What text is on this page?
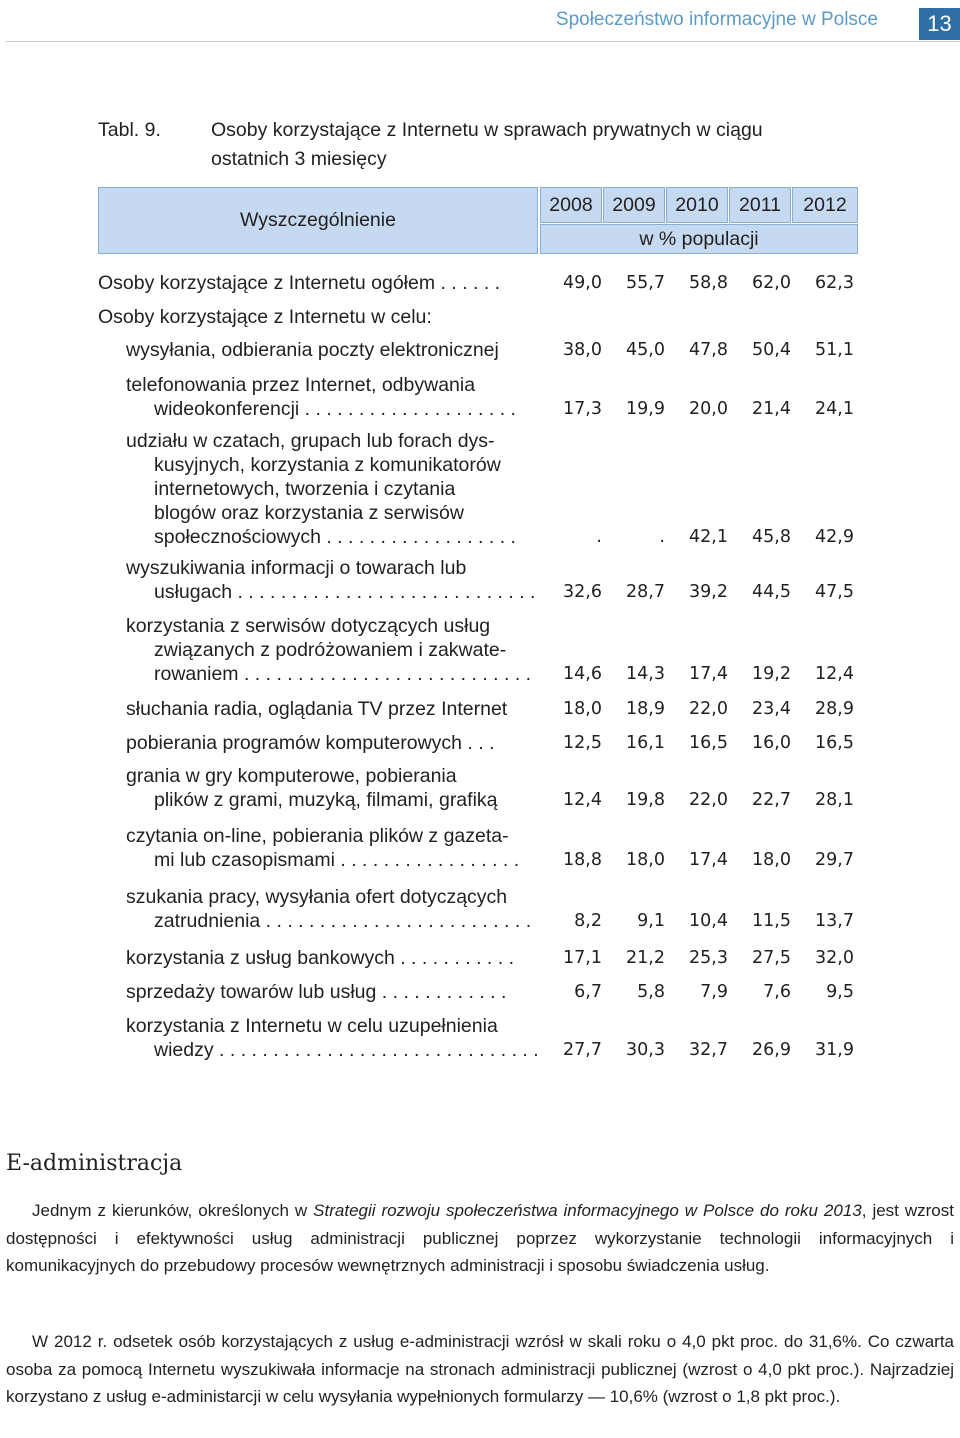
Społeczeństwo informacyjne w Polsce	13
Tabl. 9.	Osoby korzystające z Internetu w sprawach prywatnych w ciągu
ostatnich 3 miesięcy
Wyszczególnienie
2008	2009	2010	2011	2012
w % populacji
Osoby korzystające z Internetu ogółem . . . . . .	49,0	55,7	58,8	62,0	62,3
Osoby korzystające z Internetu w celu:
wysyłania, odbierania poczty elektronicznej	38,0	45,0	47,8	50,4	51,1
telefonowania przez Internet, odbywania
wideokonferencji . . . . . . . . . . . . . . . . . . . .	17,3	19,9	20,0	21,4	24,1
udziału w czatach, grupach lub forach dys-
kusyjnych, korzystania z komunikatorów
internetowych, tworzenia i czytania
blogów oraz korzystania z serwisów
społecznościowych . . . . . . . . . . . . . . . . . .	.	.	42,1	45,8	42,9
wyszukiwania informacji o towarach lub
usługach . . . . . . . . . . . . . . . . . . . . . . . . . . . .	32,6	28,7	39,2	44,5	47,5
korzystania z serwisów dotyczących usług
związanych z podróżowaniem i zakwate-
rowaniem . . . . . . . . . . . . . . . . . . . . . . . . . . .	14,6	14,3	17,4	19,2	12,4
słuchania radia, oglądania TV przez Internet	18,0	18,9	22,0	23,4	28,9
pobierania programów komputerowych . . .	12,5	16,1	16,5	16,0	16,5
grania w gry komputerowe, pobierania
plików z grami, muzyką, filmami, grafiką	12,4	19,8	22,0	22,7	28,1
czytania on-line, pobierania plików z gazeta-
mi lub czasopismami . . . . . . . . . . . . . . . . .	18,8	18,0	17,4	18,0	29,7
szukania pracy, wysyłania ofert dotyczących
zatrudnienia . . . . . . . . . . . . . . . . . . . . . . . . .	8,2	9,1	10,4	11,5	13,7
korzystania z usług bankowych . . . . . . . . . . .	17,1	21,2	25,3	27,5	32,0
sprzedaży towarów lub usług . . . . . . . . . . . .	6,7	5,8	7,9	7,6	9,5
korzystania z Internetu w celu uzupełnienia
wiedzy . . . . . . . . . . . . . . . . . . . . . . . . . . . . . .	27,7	30,3	32,7	26,9	31,9
E-administracja

Jednym z kierunków, określonych w Strategii rozwoju społeczeństwa informacyjnego w Polsce do roku 2013, jest wzrost dostępności i efektywności usług administracji publicznej poprzez wykorzystanie technologii informacyjnych i komunikacyjnych do przebudowy procesów wewnętrznych administracji i sposobu świadczenia usług.

W 2012 r. odsetek osób korzystających z usług e-administracji wzrósł w skali roku o 4,0 pkt proc. do 31,6%. Co czwarta osoba za pomocą Internetu wyszukiwała informacje na stronach administracji publicznej (wzrost o 4,0 pkt proc.). Najrzadziej korzystano z usług e-administarcji w celu wysyłania wypełnionych formularzy — 10,6% (wzrost o 1,8 pkt proc.).
